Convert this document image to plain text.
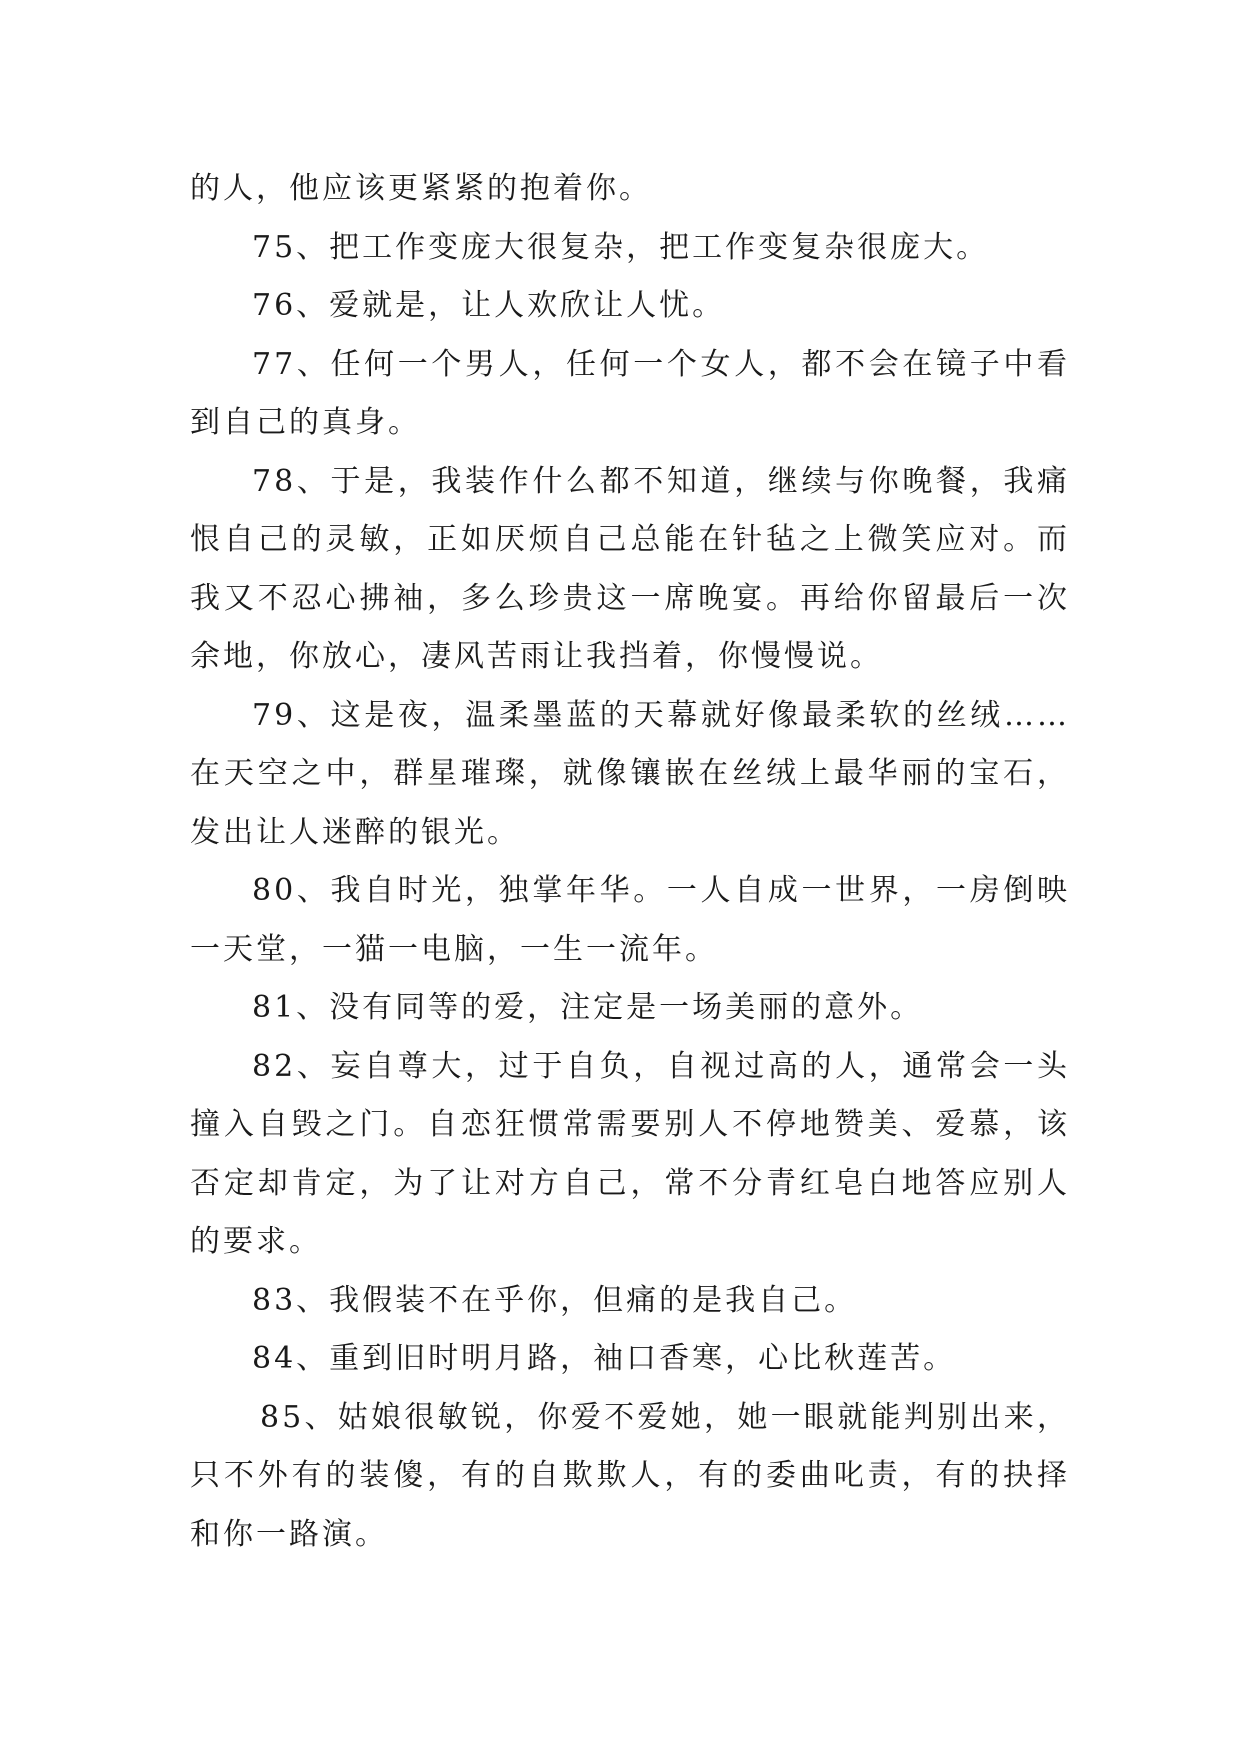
的人，他应该更紧紧的抱着你。
75、把工作变庞大很复杂，把工作变复杂很庞大。
76、爱就是，让人欢欣让人忧。
77、任何一个男人，任何一个女人，都不会在镜子中看
到自己的真身。
78、于是，我装作什么都不知道，继续与你晚餐，我痛
恨自己的灵敏，正如厌烦自己总能在针毡之上微笑应对。而
我又不忍心拂袖，多么珍贵这一席晚宴。再给你留最后一次
余地，你放心，凄风苦雨让我挡着，你慢慢说。
79、这是夜，温柔墨蓝的天幕就好像最柔软的丝绒……
在天空之中，群星璀璨，就像镶嵌在丝绒上最华丽的宝石，
发出让人迷醉的银光。
80、我自时光，独掌年华。一人自成一世界，一房倒映
一天堂，一猫一电脑，一生一流年。
81、没有同等的爱，注定是一场美丽的意外。
82、妄自尊大，过于自负，自视过高的人，通常会一头
撞入自毁之门。自恋狂惯常需要别人不停地赞美、爱慕，该
否定却肯定，为了让对方自己，常不分青红皂白地答应别人
的要求。
83、我假装不在乎你，但痛的是我自己。
84、重到旧时明月路，袖口香寒，心比秋莲苦。
85、姑娘很敏锐，你爱不爱她，她一眼就能判别出来，
只不外有的装傻，有的自欺欺人，有的委曲叱责，有的抉择
和你一路演。
